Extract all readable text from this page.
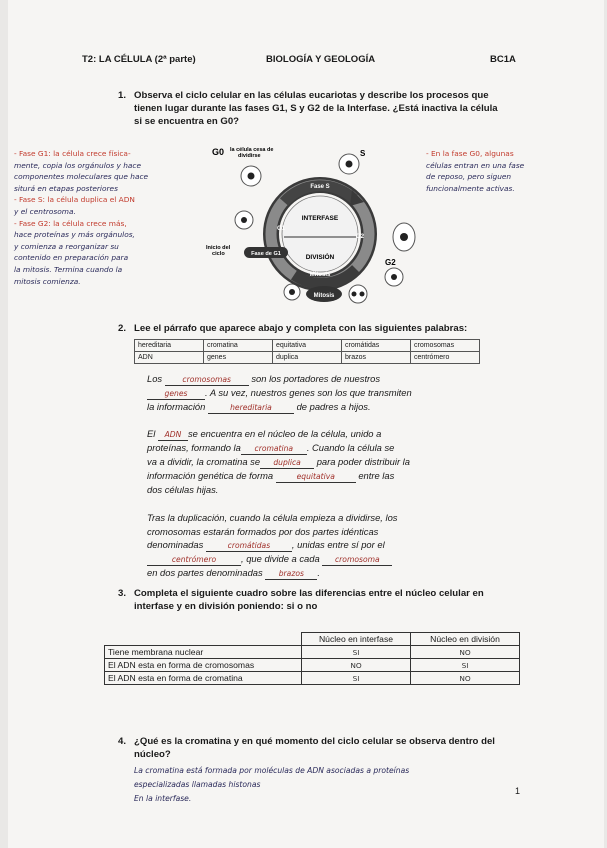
T2: LA CÉLULA (2ª parte)	BIOLOGÍA Y GEOLOGÍA	BC1A
1. Observa el ciclo celular en las células eucariotas y describe los procesos que
tienen lugar durante las fases G1, S y G2 de la Interfase. ¿Está inactiva la célula
si se encuentra en G0?
- Fase G1: la célula crece física-
mente, copia los orgánulos y hace
componentes moleculares que hace
siturá en etapas posteriores
- Fase S: la célula duplica el ADN
y el centrosoma.
- Fase G2: la célula crece más,
hace proteínas y más orgánulos,
y comienza a reorganizar su
contenido en preparación para
la mitosis. Termina cuando la
mitosis comienza.
- En la fase G0, algunas
células entran en una fase
de reposo, pero siguen
funcionalmente activas.
G0 la célula cesa de
dividirse	S
Fase S
INTERFASE
G1
G2
DIVISIÓN
G2
Mitosis
Inicio del
ciclo	Fase de G1
Mitosis
2. Lee el párrafo que aparece abajo y completa con las siguientes palabras:
hereditaria	cromatina	equitativa	cromátidas	cromosomas
ADN	genes	duplica	brazos	centrómero
Los	cromosomas son los portadores de nuestros
genes . A su vez, nuestros genes son los que transmiten
la información	hereditaria	de padres a hijos.
El ADN se encuentra en el núcleo de la célula, unido a
proteínas, formando la cromatina . Cuando la célula se
va a dividir, la cromatina se duplica para poder distribuir la
información genética de forma	equitativa entre las
dos células hijas.
Tras la duplicación, cuando la célula empieza a dividirse, los
cromosomas estarán formados por dos partes idénticas
denominadas	cromátidas , unidas entre sí por el
centrómero	, que divide a cada cromosoma
en dos partes denominadas brazos .
3. Completa el siguiente cuadro sobre las diferencias entre el núcleo celular en
interfase y en división poniendo: si o no
	Núcleo en interfase	Núcleo en división
Tiene membrana nuclear	SI	NO
El ADN esta en forma de cromosomas	NO	SI
El ADN esta en forma de cromatina	SI	NO
4. ¿Qué es la cromatina y en qué momento del ciclo celular se observa dentro del
núcleo?
La cromatina está formada por moléculas de ADN asociadas a proteínas
especializadas llamadas histonas
En la interfase.
1
